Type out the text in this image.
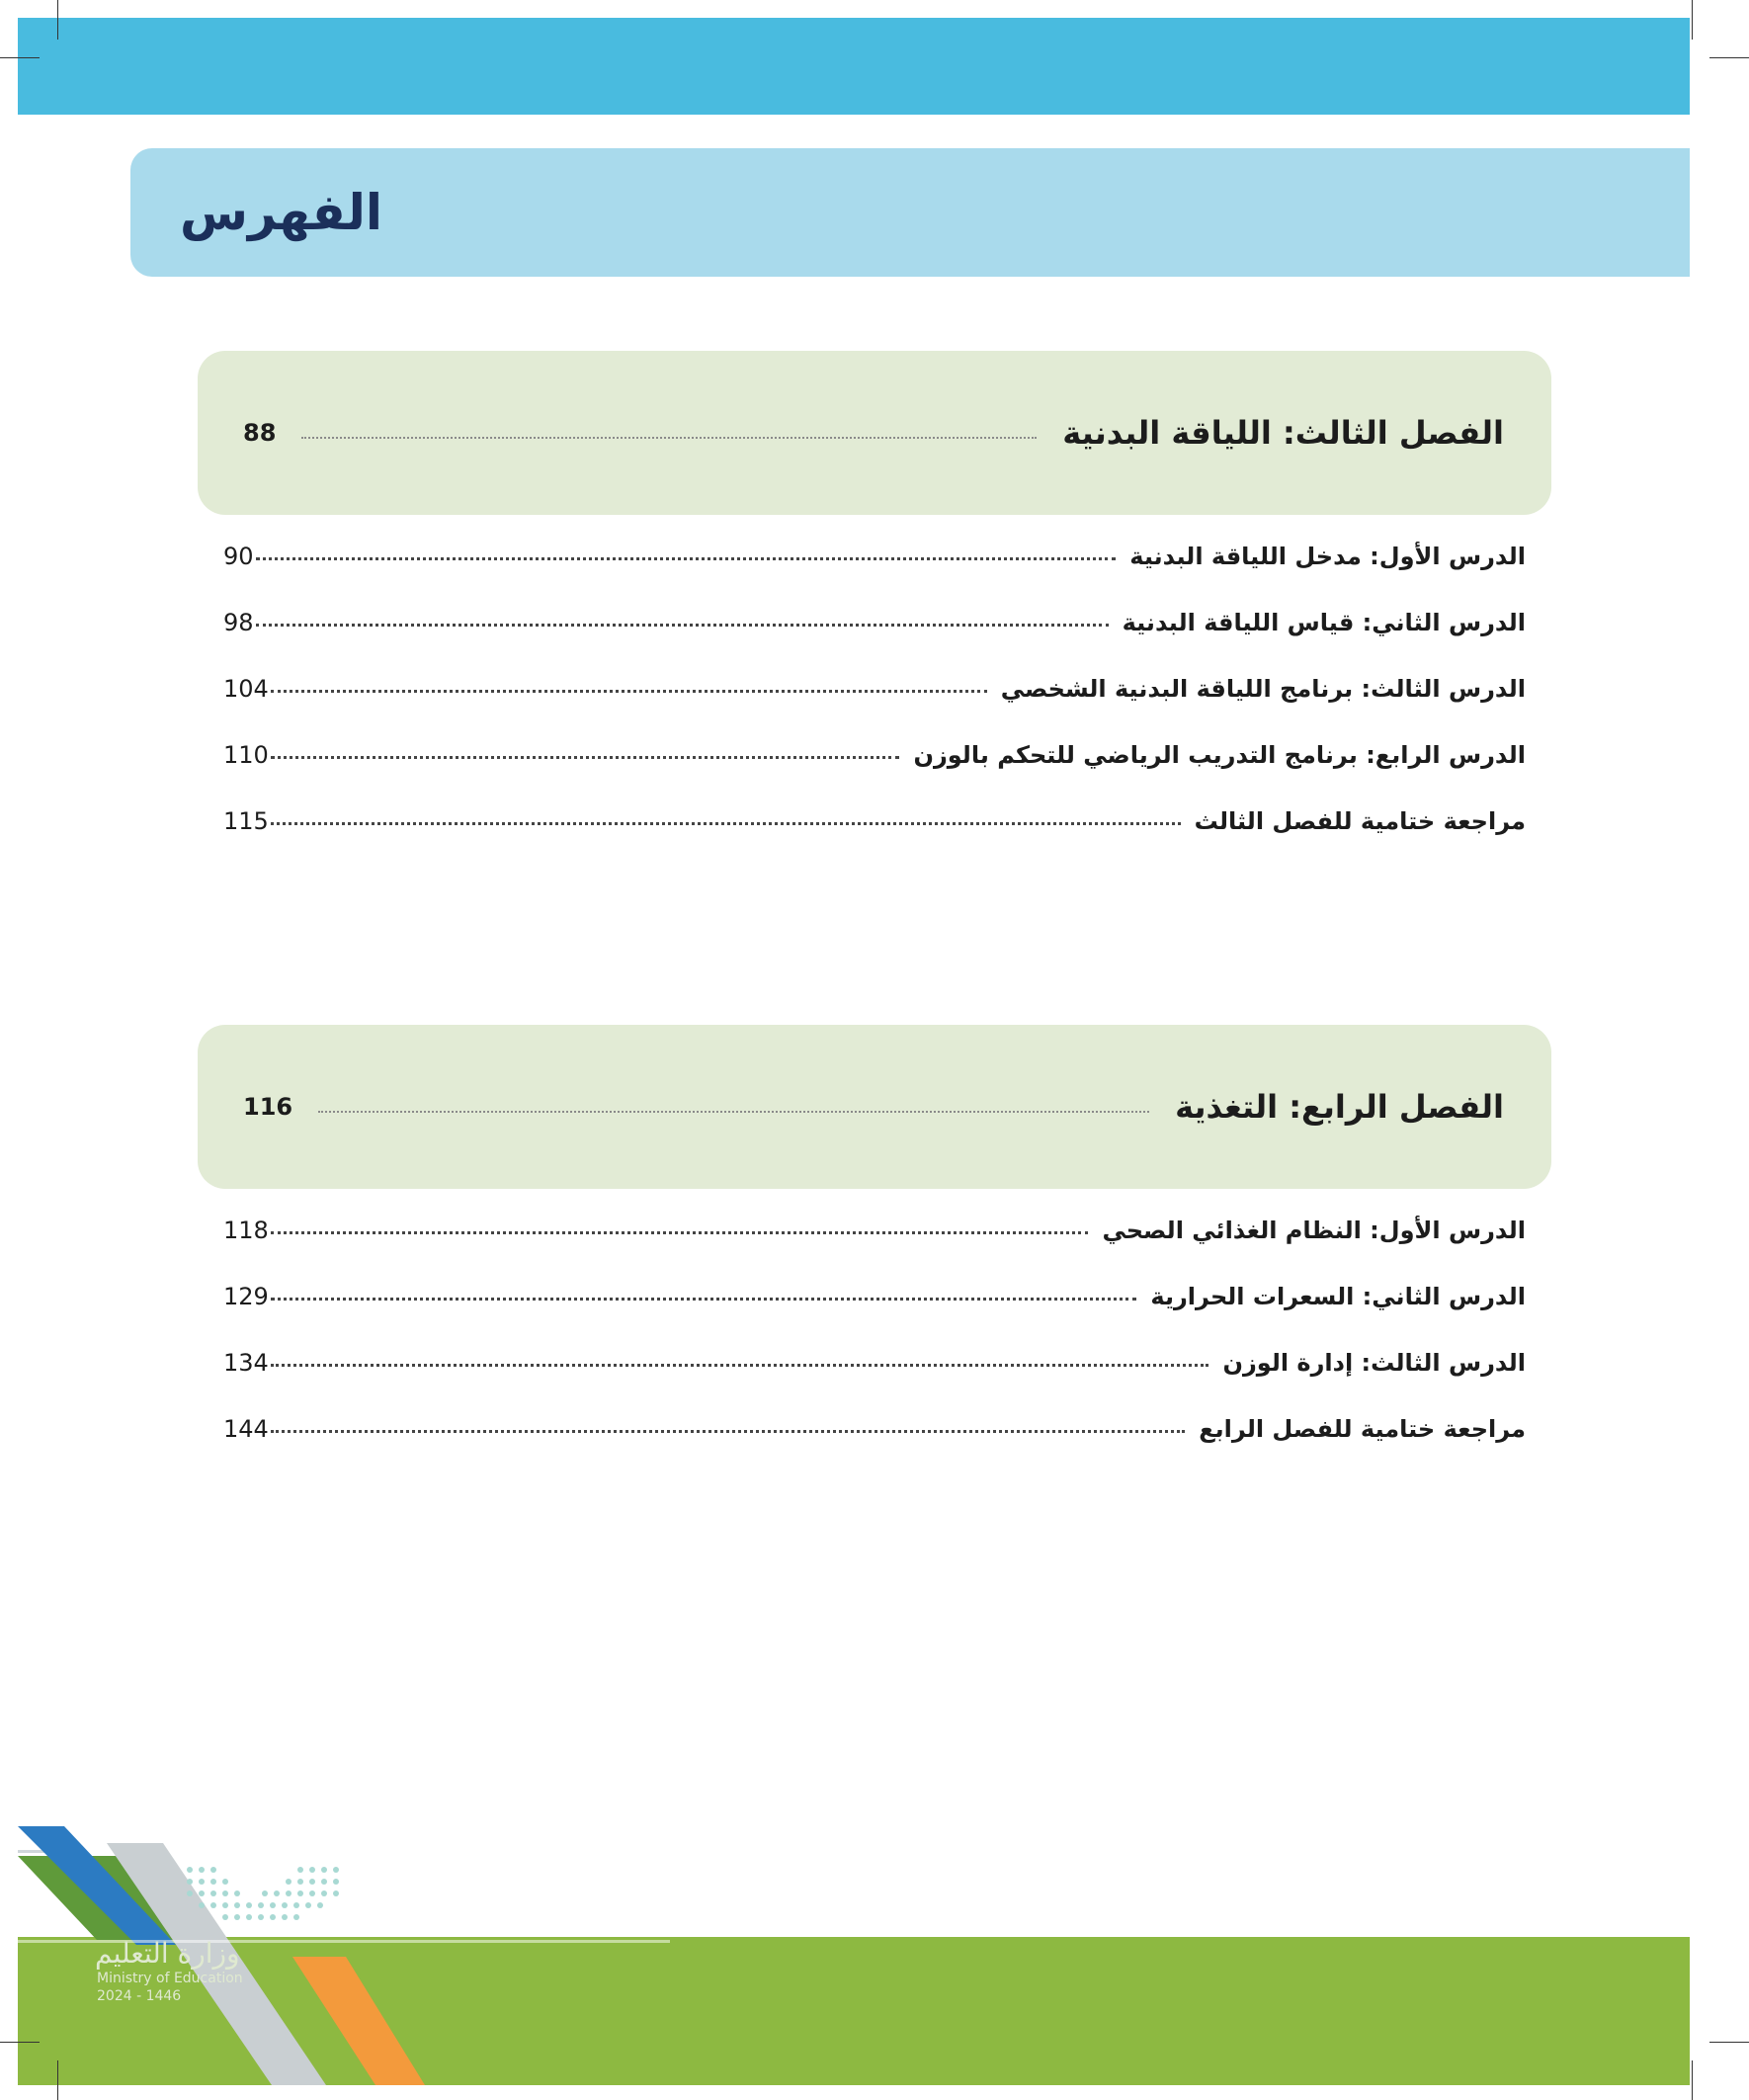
الفهرس
الفصل الثالث: اللياقة البدنية
88
الدرس الأول: مدخل اللياقة البدنية
90
الدرس الثاني: قياس اللياقة البدنية
98
الدرس الثالث: برنامج اللياقة البدنية الشخصي
104
الدرس الرابع: برنامج التدريب الرياضي للتحكم بالوزن
110
مراجعة ختامية للفصل الثالث
115
الفصل الرابع: التغذية
116
الدرس الأول: النظام الغذائي الصحي
118
الدرس الثاني: السعرات الحرارية
129
الدرس الثالث: إدارة الوزن
134
مراجعة ختامية للفصل الرابع
144
وزارة التعليم
Ministry of Education
2024 - 1446
